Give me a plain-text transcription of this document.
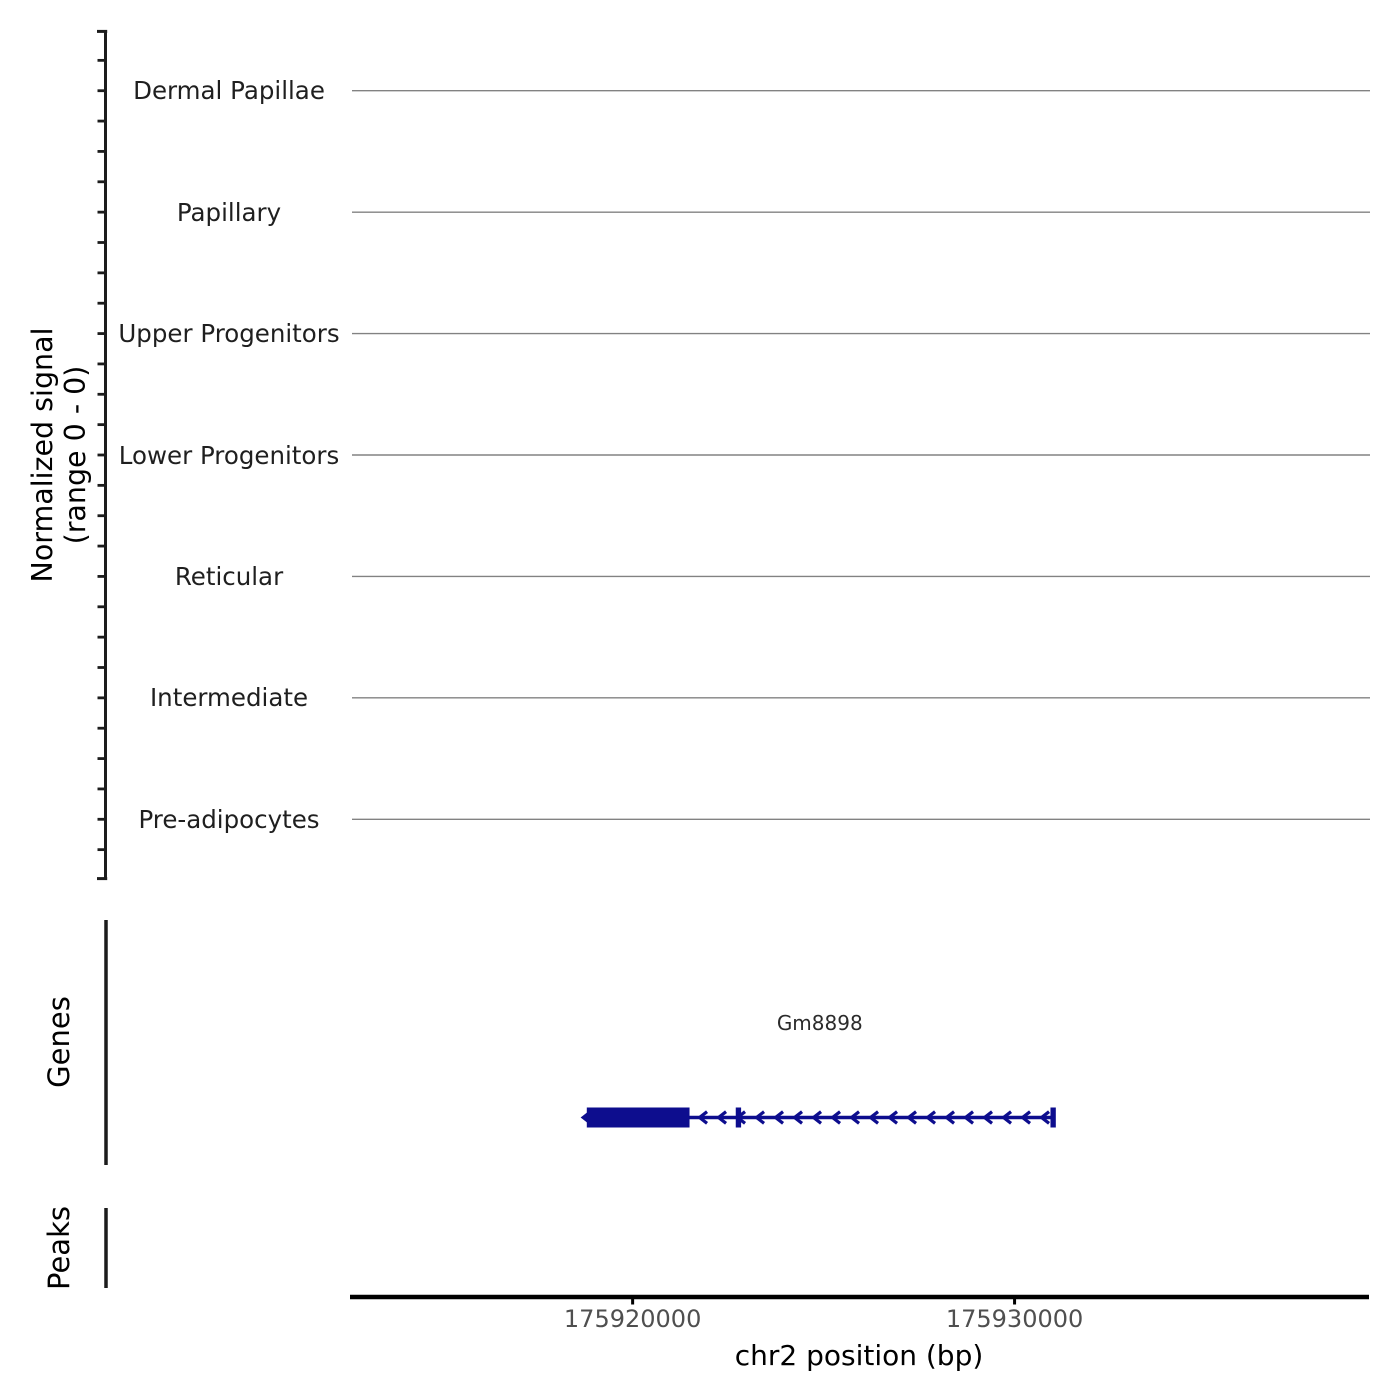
Normalized signal (range 0 - 0)
Genes
Peaks
Gm8898
chr2 position (bp)
Dermal Papillae
Papillary
Upper Progenitors
Lower Progenitors
Reticular
Intermediate
Pre-adipocytes
175920000	175930000
